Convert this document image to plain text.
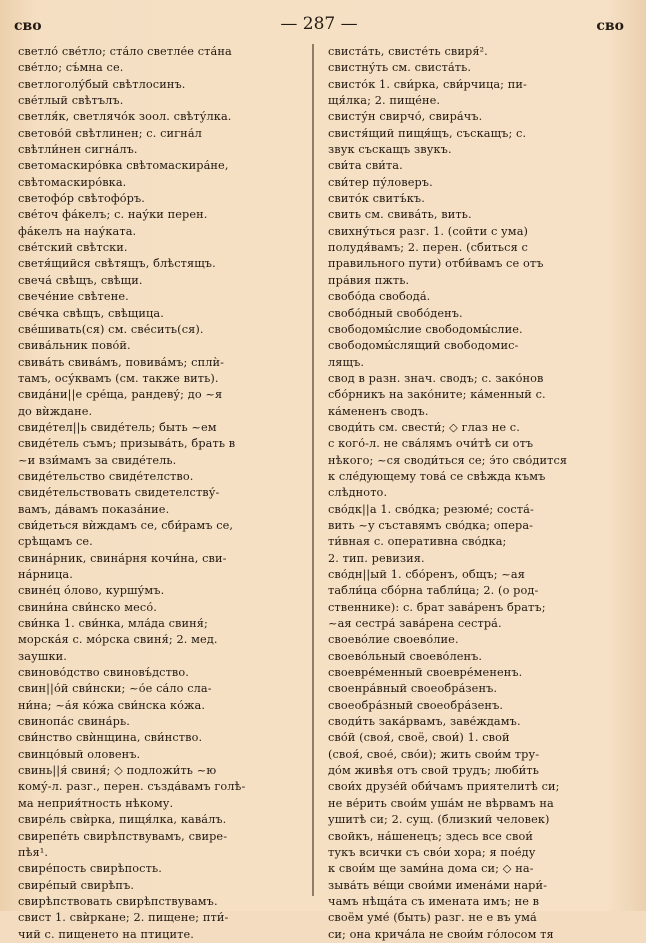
сво	— 287 —	сво
светло́ све́тло; ста́ло светле́е ста́на
све́тло; съ́мна се.
светлоголу́бый свѣтлосинъ.
све́тлый свѣтълъ.
светля́к, светлячо́к зоол. свѣту́лка.
светово́й свѣтлинен; с. сигна́л
свѣтли́нен сигна́лъ.
светомаскиро́вка свѣтомаскира́не,
свѣтомаскиро́вка.
светофо́р свѣтофо́ръ.
све́точ фа́келъ; с. нау́ки перен.
фа́келъ на нау́ката.
све́тский свѣтски.
светя́щийся свѣтящъ, блѣстящъ.
свеча́ свѣщъ, свѣщи.
свече́ние свѣтене.
све́чка свѣщъ, свѣщица.
све́шивать(ся) см. све́сить(ся).
свива́льник пово́й.
свива́ть свива́мъ, повива́мъ; сплѝ-
тамъ, осу́квамъ (см. также вить).
свида́ни||е сре́ща, рандеву́; до ~я
до вѝждане.
свиде́тел||ь свиде́тель; быть ~ем
свиде́тель съмъ; призыва́ть, брать в
~и взи́мамъ за свиде́тель.
свиде́тельство свиде́телство.
свиде́тельствовать свидетелству́-
вамъ, да́вамъ показа́ние.
сви́деться вѝждамъ се, сби́рамъ се,
срѣщамъ се.
свина́рник, свина́рня кочи́на, сви-
на́рница.
свине́ц о́лово, куршу́мъ.
свини́на сви́нско месо́.
сви́нка 1. сви́нка, мла́да свиня́;
морска́я с. мо́рска свиня́; 2. мед.
заушки.
свиново́дство свиновъ́дство.
свин||о́й сви́нски; ~о́е са́ло сла-
ни́на; ~а́я ко́жа сви́нска ко́жа.
свинопа́с свина́рь.
сви́нство свѝнщина, сви́нство.
свинцо́вый оловенъ.
свинь||я́ свиня́; ◇ подложи́ть ~ю
кому́-л. разг., перен. създа́вамъ голѣ-
ма неприя́тность нѣкому.
свире́ль свѝрка, пищя́лка, кава́лъ.
свирепе́ть свирѣпствувамъ, свире-
пѣя¹.
свире́пость свирѣпость.
свире́пый свирѣпъ.
свирѣпствовать свирѣпствувамъ.
свист 1. свѝркане; 2. пищене; пти́-
чий с. пищенето на птиците.
свиста́ть, свисте́ть свиря́².
свистну́ть см. свиста́ть.
свисто́к 1. сви́рка, сви́рчица; пи-
щя́лка; 2. пище́не.
свисту́н свирчо́, свира́чъ.
свистя́щий пищя́щъ, съскащъ; с.
звук съскащъ звукъ.
сви́та сви́та.
сви́тер пу́ловеръ.
свито́к свитъ́къ.
свить см. свива́ть, вить.
свихну́ться разг. 1. (сойти с ума)
полудя́вамъ; 2. перен. (сбиться с
правильного пути) отби́вамъ се отъ
пра́вия пжть.
свобо́да свобода́.
свобо́дный свобо́денъ.
свободомы́слие свободомы́слие.
свободомы́слящий свободомис-
лящъ.
свод в разн. знач. сводъ; с. зако́нов
сбо́рникъ на зако́ните; ка́менный с.
ка́мененъ сводъ.
своди́ть см. свести́; ◇ глаз не с.
с кого́-л. не сва́лямъ очи́тѣ си отъ
нѣкого; ~ся своди́ться се; э́то сво́дится
к сле́дующему това́ се свѣжда къмъ
слѣдното.
сво́дк||а 1. сво́дка; резюме́; соста́-
вить ~у съставямъ сво́дка; опера-
ти́вная с. оперативна сво́дка;
2. тип. ревизия.
сво́дн||ый 1. сбо́ренъ, общъ; ~ая
табли́ца сбо́рна табли́ца; 2. (о род-
ственнике): с. брат зава́ренъ братъ;
~ая сестра́ зава́рена сестра́.
своево́лие своево́лие.
своево́льный своево́ленъ.
своевре́менный своевре́мененъ.
своенра́вный своеобра́зенъ.
своеобра́зный своеобра́зенъ.
своди́ть зака́рвамъ, заве́ждамъ.
сво́й (своя́, своё, свои́) 1. свой
(своя́, свое́, сво́и); жить свои́м тру-
до́м живѣя отъ свой трудъ; люби́ть
свои́х друзе́й оби́чамъ приятелитѣ си;
не ве́рить свои́м уша́м не вѣрвамъ на
ушитѣ си; 2. сущ. (близкий человек)
свойкъ, на́шенецъ; здесь все свои́
тукъ всички съ сво́и хора; я пое́ду
к свои́м ще зами́на дома си; ◇ на-
зыва́ть ве́щи свои́ми имена́ми нари́-
чамъ нѣща́та съ имената имъ; не в
своём уме́ (быть) разг. не е въ ума́
си; она крича́ла не свои́м го́лосом тя
